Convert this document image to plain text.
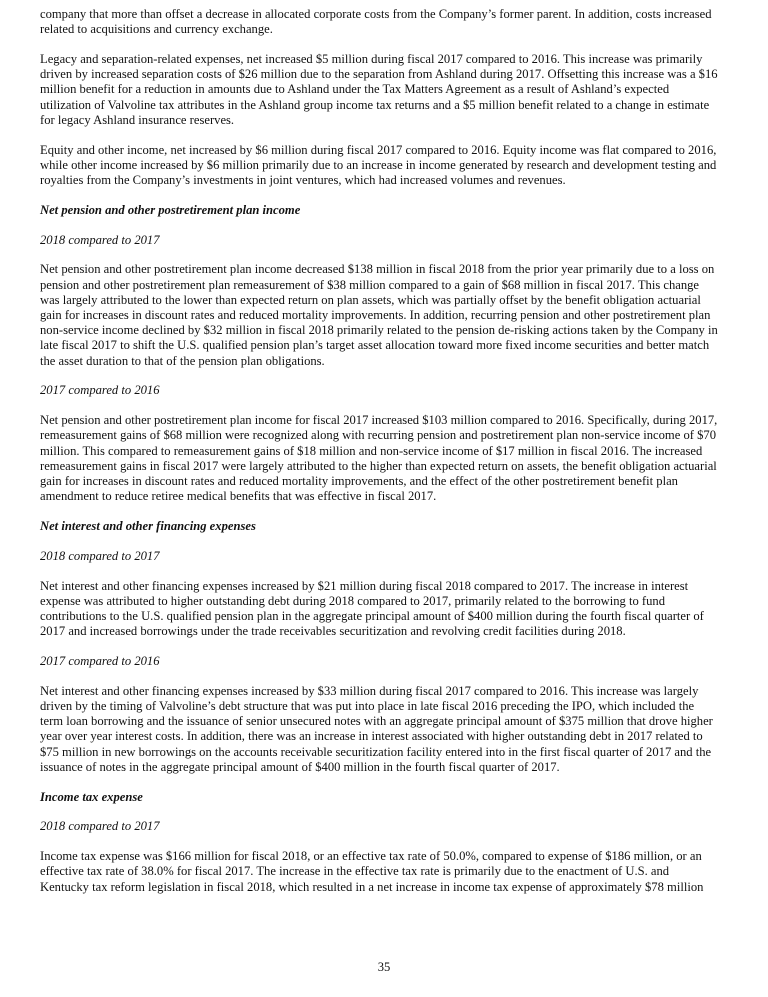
company that more than offset a decrease in allocated corporate costs from the Company’s former parent. In addition, costs increased
related to acquisitions and currency exchange.
Legacy and separation-related expenses, net increased $5 million during fiscal 2017 compared to 2016. This increase was primarily
driven by increased separation costs of $26 million due to the separation from Ashland during 2017. Offsetting this increase was a $16
million benefit for a reduction in amounts due to Ashland under the Tax Matters Agreement as a result of Ashland’s expected
utilization of Valvoline tax attributes in the Ashland group income tax returns and a $5 million benefit related to a change in estimate
for legacy Ashland insurance reserves.
Equity and other income, net increased by $6 million during fiscal 2017 compared to 2016. Equity income was flat compared to 2016,
while other income increased by $6 million primarily due to an increase in income generated by research and development testing and
royalties from the Company’s investments in joint ventures, which had increased volumes and revenues.
Net pension and other postretirement plan income
2018 compared to 2017
Net pension and other postretirement plan income decreased $138 million in fiscal 2018 from the prior year primarily due to a loss on
pension and other postretirement plan remeasurement of $38 million compared to a gain of $68 million in fiscal 2017. This change
was largely attributed to the lower than expected return on plan assets, which was partially offset by the benefit obligation actuarial
gain for increases in discount rates and reduced mortality improvements. In addition, recurring pension and other postretirement plan
non-service income declined by $32 million in fiscal 2018 primarily related to the pension de-risking actions taken by the Company in
late fiscal 2017 to shift the U.S. qualified pension plan’s target asset allocation toward more fixed income securities and better match
the asset duration to that of the pension plan obligations.
2017 compared to 2016
Net pension and other postretirement plan income for fiscal 2017 increased $103 million compared to 2016. Specifically, during 2017,
remeasurement gains of $68 million were recognized along with recurring pension and postretirement plan non-service income of $70
million. This compared to remeasurement gains of $18 million and non-service income of $17 million in fiscal 2016. The increased
remeasurement gains in fiscal 2017 were largely attributed to the higher than expected return on assets, the benefit obligation actuarial
gain for increases in discount rates and reduced mortality improvements, and the effect of the other postretirement benefit plan
amendment to reduce retiree medical benefits that was effective in fiscal 2017.
Net interest and other financing expenses
2018 compared to 2017
Net interest and other financing expenses increased by $21 million during fiscal 2018 compared to 2017. The increase in interest
expense was attributed to higher outstanding debt during 2018 compared to 2017, primarily related to the borrowing to fund
contributions to the U.S. qualified pension plan in the aggregate principal amount of $400 million during the fourth fiscal quarter of
2017 and increased borrowings under the trade receivables securitization and revolving credit facilities during 2018.
2017 compared to 2016
Net interest and other financing expenses increased by $33 million during fiscal 2017 compared to 2016. This increase was largely
driven by the timing of Valvoline’s debt structure that was put into place in late fiscal 2016 preceding the IPO, which included the
term loan borrowing and the issuance of senior unsecured notes with an aggregate principal amount of $375 million that drove higher
year over year interest costs. In addition, there was an increase in interest associated with higher outstanding debt in 2017 related to
$75 million in new borrowings on the accounts receivable securitization facility entered into in the first fiscal quarter of 2017 and the
issuance of notes in the aggregate principal amount of $400 million in the fourth fiscal quarter of 2017.
Income tax expense
2018 compared to 2017
Income tax expense was $166 million for fiscal 2018, or an effective tax rate of 50.0%, compared to expense of $186 million, or an
effective tax rate of 38.0% for fiscal 2017. The increase in the effective tax rate is primarily due to the enactment of U.S. and
Kentucky tax reform legislation in fiscal 2018, which resulted in a net increase in income tax expense of approximately $78 million
35
